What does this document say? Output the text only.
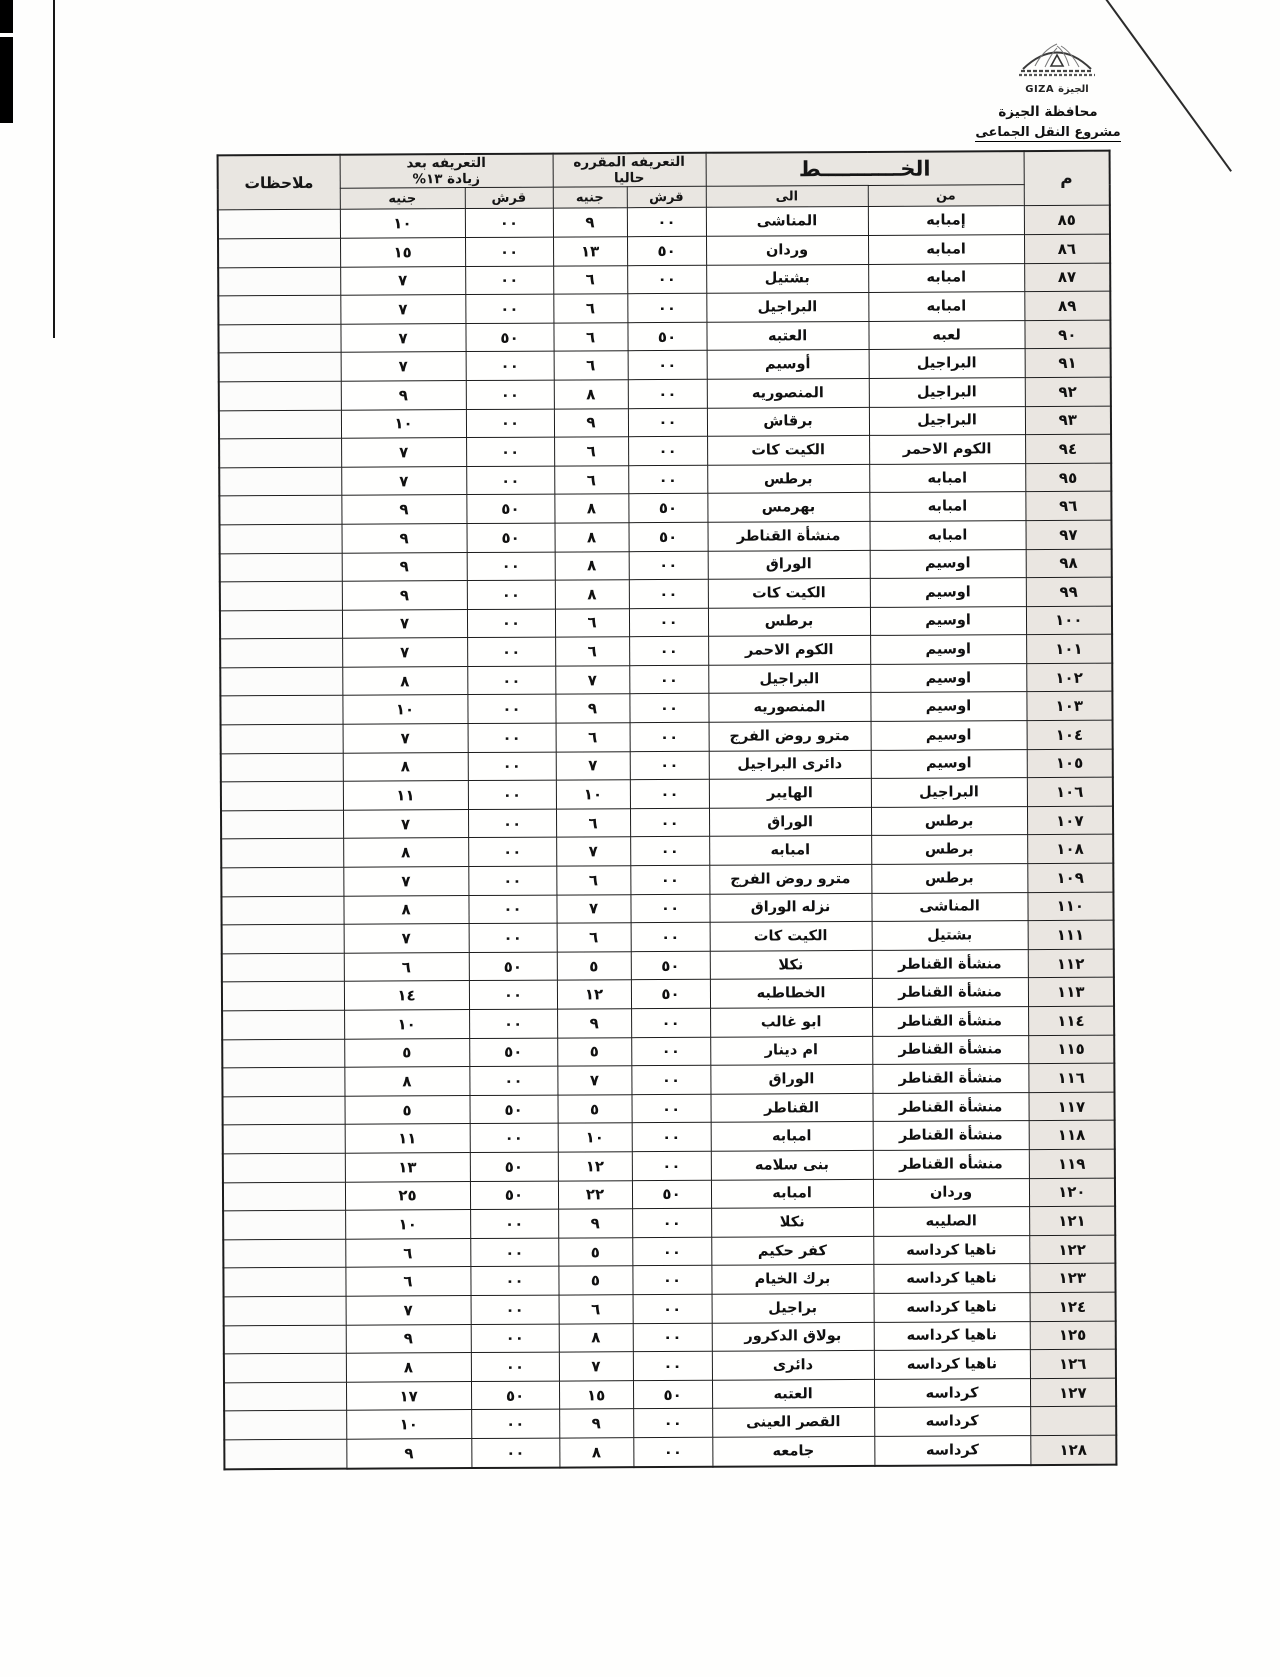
GIZA الجيزة
محافظة الجيزة
مشروع النقل الجماعى
م	الخـــــــــــط	
التعريفه المقرره
حاليا

التعريفه بعد
زيادة ١٣%
	ملاحظات
	من	الى	قرش	جنيه	قرش	جنيه	
٨٥	إمبابه	المناشى	٠٠	٩	٠٠	١٠	
٨٦	امبابه	وردان	٥٠	١٣	٠٠	١٥	
٨٧	امبابه	بشتيل	٠٠	٦	٠٠	٧	
٨٩	امبابه	البراجيل	٠٠	٦	٠٠	٧	
٩٠	لعبه	العتبه	٥٠	٦	٥٠	٧	
٩١	البراجيل	أوسيم	٠٠	٦	٠٠	٧	
٩٢	البراجيل	المنصوريه	٠٠	٨	٠٠	٩	
٩٣	البراجيل	برقاش	٠٠	٩	٠٠	١٠	
٩٤	الكوم الاحمر	الكيت كات	٠٠	٦	٠٠	٧	
٩٥	امبابه	برطس	٠٠	٦	٠٠	٧	
٩٦	امبابه	بهرمس	٥٠	٨	٥٠	٩	
٩٧	امبابه	منشأة القناطر	٥٠	٨	٥٠	٩	
٩٨	اوسيم	الوراق	٠٠	٨	٠٠	٩	
٩٩	اوسيم	الكيت كات	٠٠	٨	٠٠	٩	
١٠٠	اوسيم	برطس	٠٠	٦	٠٠	٧	
١٠١	اوسيم	الكوم الاحمر	٠٠	٦	٠٠	٧	
١٠٢	اوسيم	البراجيل	٠٠	٧	٠٠	٨	
١٠٣	اوسيم	المنصوريه	٠٠	٩	٠٠	١٠	
١٠٤	اوسيم	مترو روض الفرج	٠٠	٦	٠٠	٧	
١٠٥	اوسيم	دائرى البراجيل	٠٠	٧	٠٠	٨	
١٠٦	البراجيل	الهايبر	٠٠	١٠	٠٠	١١	
١٠٧	برطس	الوراق	٠٠	٦	٠٠	٧	
١٠٨	برطس	امبابه	٠٠	٧	٠٠	٨	
١٠٩	برطس	مترو روض الفرج	٠٠	٦	٠٠	٧	
١١٠	المناشى	نزله الوراق	٠٠	٧	٠٠	٨	
١١١	بشتيل	الكيت كات	٠٠	٦	٠٠	٧	
١١٢	منشأة القناطر	نكلا	٥٠	٥	٥٠	٦	
١١٣	منشأة القناطر	الخطاطبه	٥٠	١٢	٠٠	١٤	
١١٤	منشأة القناطر	ابو غالب	٠٠	٩	٠٠	١٠	
١١٥	منشأة القناطر	ام دينار	٠٠	٥	٥٠	٥	
١١٦	منشأة القناطر	الوراق	٠٠	٧	٠٠	٨	
١١٧	منشأة القناطر	القناطر	٠٠	٥	٥٠	٥	
١١٨	منشأة القناطر	امبابه	٠٠	١٠	٠٠	١١	
١١٩	منشأه القناطر	بنى سلامه	٠٠	١٢	٥٠	١٣	
١٢٠	وردان	امبابه	٥٠	٢٢	٥٠	٢٥	
١٢١	الصليبه	نكلا	٠٠	٩	٠٠	١٠	
١٢٢	ناهيا كرداسه	كفر حكيم	٠٠	٥	٠٠	٦	
١٢٣	ناهيا كرداسه	برك الخيام	٠٠	٥	٠٠	٦	
١٢٤	ناهيا كرداسه	براجيل	٠٠	٦	٠٠	٧	
١٢٥	ناهيا كرداسه	بولاق الدكرور	٠٠	٨	٠٠	٩	
١٢٦	ناهيا كرداسه	دائرى	٠٠	٧	٠٠	٨	
١٢٧	كرداسه	العتبه	٥٠	١٥	٥٠	١٧	
	كرداسه	القصر العينى	٠٠	٩	٠٠	١٠	
١٢٨	كرداسه	جامعه	٠٠	٨	٠٠	٩	
